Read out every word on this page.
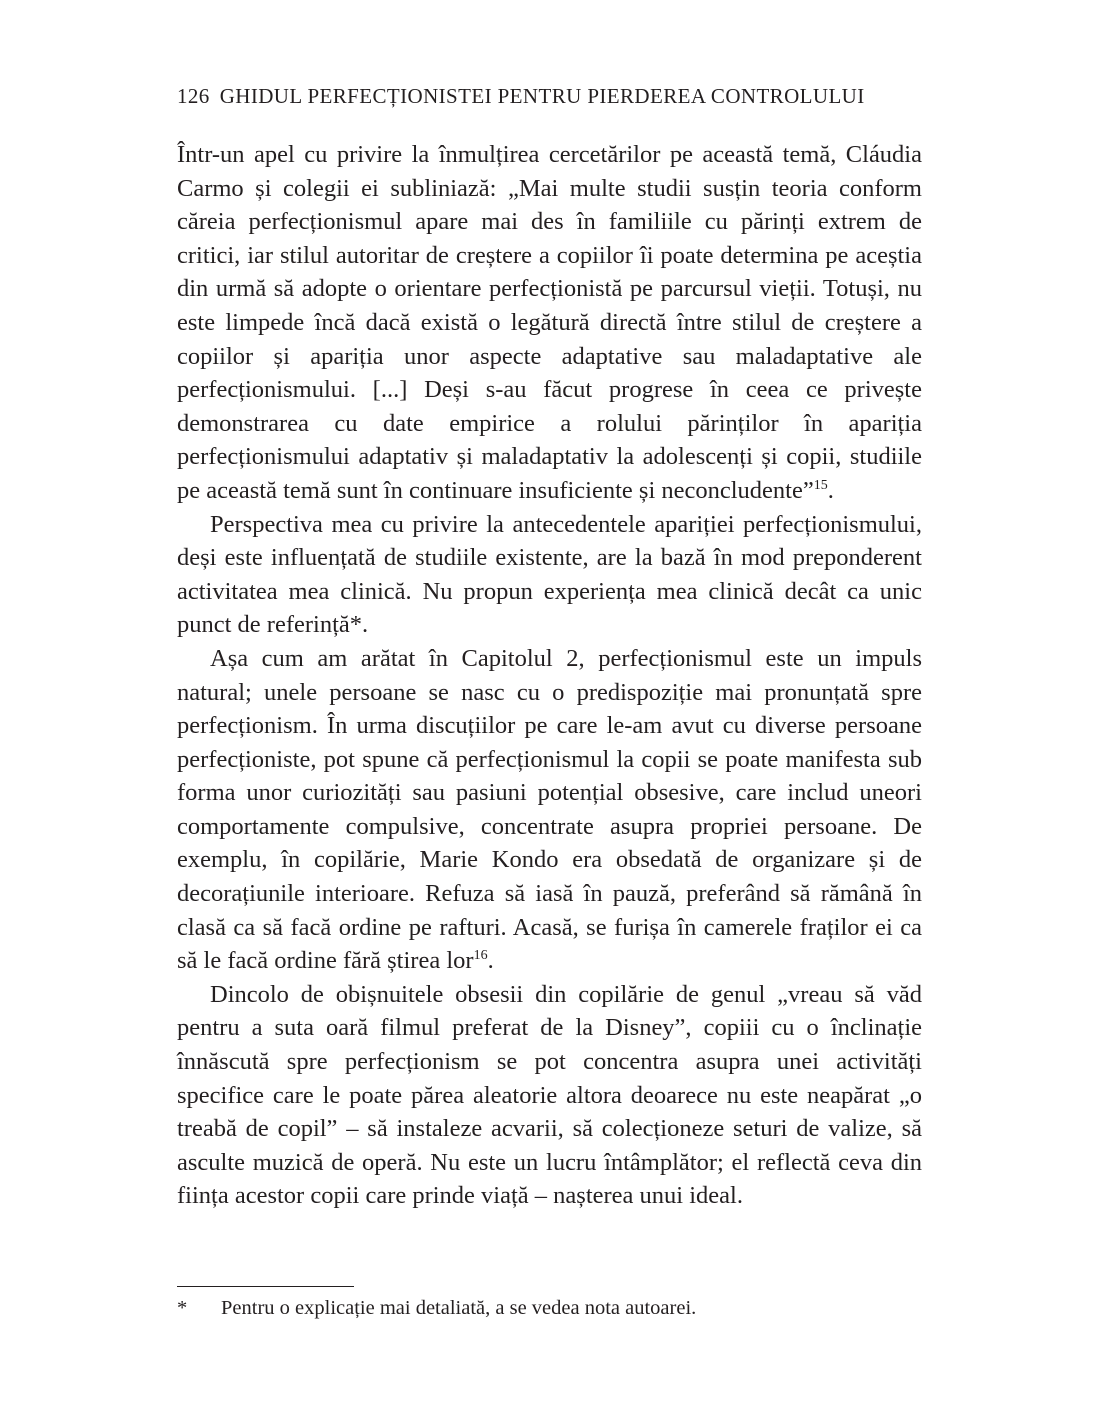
126 GHIDUL PERFECȚIONISTEI PENTRU PIERDEREA CONTROLULUI

Într-un apel cu privire la înmulțirea cercetărilor pe această temă, Cláudia Carmo și colegii ei subliniază: „Mai multe studii susțin teoria conform căreia perfecționismul apare mai des în familiile cu părinți extrem de critici, iar stilul autoritar de creștere a copiilor îi poate determina pe aceștia din urmă să adopte o orientare perfecționistă pe parcursul vieții. Totuși, nu este limpede încă dacă există o legătură directă între stilul de creștere a copiilor și apariția unor aspecte adaptative sau maladaptative ale perfecționismului. [...] Deși s-au făcut progrese în ceea ce privește demonstrarea cu date empirice a rolului părinților în apariția perfecționismului adaptativ și maladaptativ la adolescenți și copii, studiile pe această temă sunt în continuare insuficiente și neconcludente”$^{15}$.

Perspectiva mea cu privire la antecedentele apariției perfecționismului, deși este influențată de studiile existente, are la bază în mod preponderent activitatea mea clinică. Nu propun experiența mea clinică decât ca unic punct de referință*.

Așa cum am arătat în Capitolul 2, perfecționismul este un impuls natural; unele persoane se nasc cu o predispoziție mai pronunțată spre perfecționism. În urma discuțiilor pe care le-am avut cu diverse persoane perfecționiste, pot spune că perfecționismul la copii se poate manifesta sub forma unor curiozități sau pasiuni potențial obsesive, care includ uneori comportamente compulsive, concentrate asupra propriei persoane. De exemplu, în copilărie, Marie Kondo era obsedată de organizare și de decorațiunile interioare. Refuza să iasă în pauză, preferând să rămână în clasă ca să facă ordine pe rafturi. Acasă, se furișa în camerele fraților ei ca să le facă ordine fără știrea lor$^{16}$.

Dincolo de obișnuitele obsesii din copilărie de genul „vreau să văd pentru a suta oară filmul preferat de la Disney”, copiii cu o înclinație înnăscută spre perfecționism se pot concentra asupra unei activități specifice care le poate părea aleatorie altora deoarece nu este neapărat „o treabă de copil” – să instaleze acvarii, să colecționeze seturi de valize, să asculte muzică de operă. Nu este un lucru întâmplător; el reflectă ceva din ființa acestor copii care prinde viață – nașterea unui ideal.

* Pentru o explicație mai detaliată, a se vedea nota autoarei.
